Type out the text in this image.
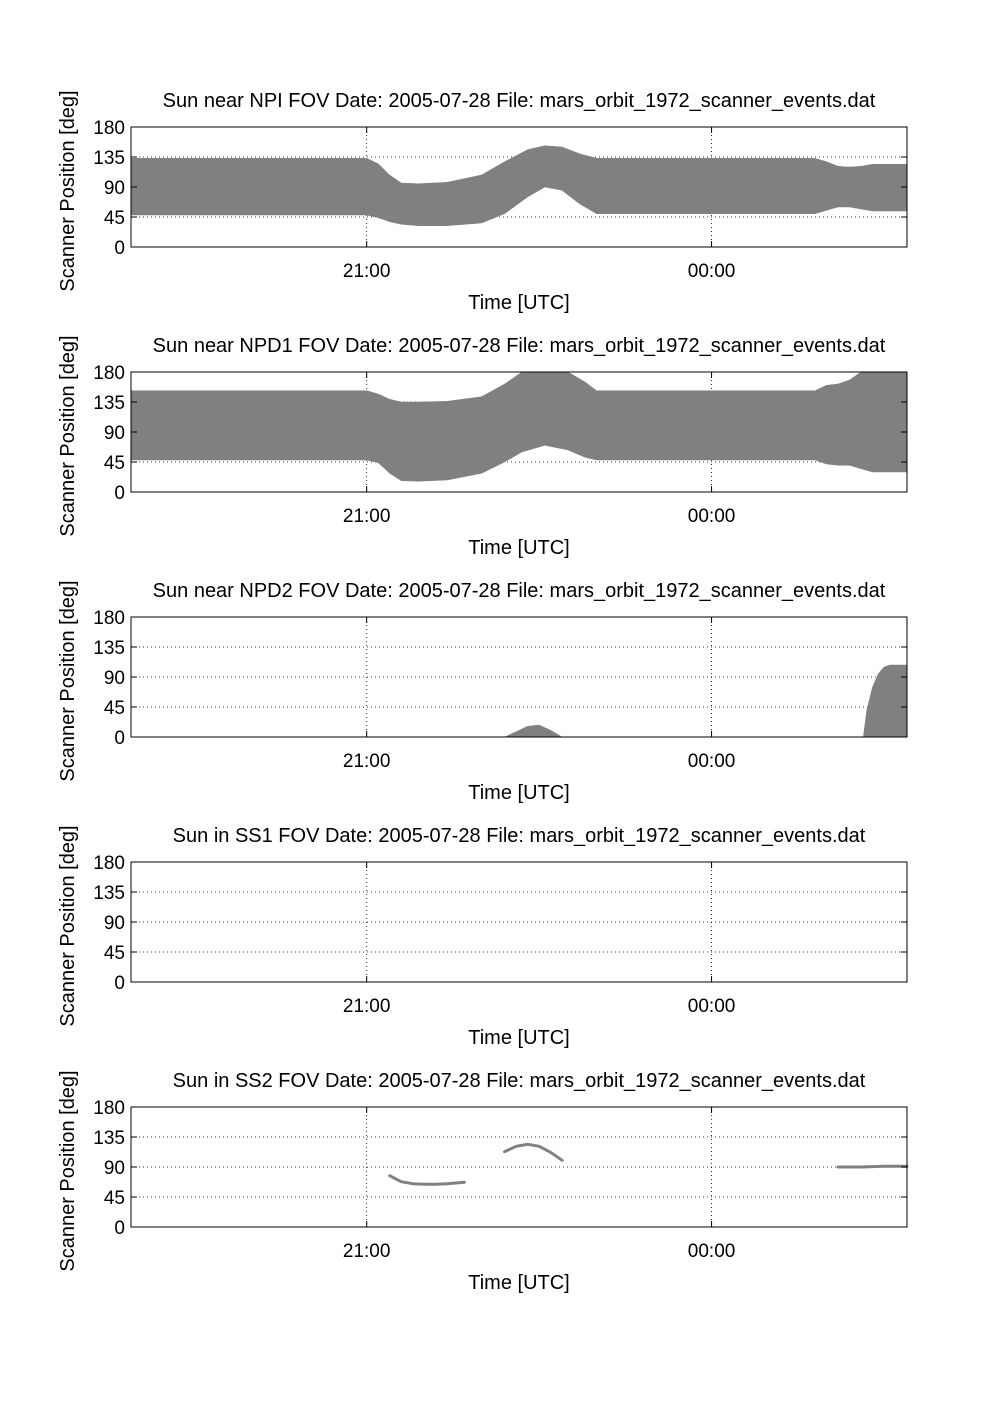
Sun near NPI FOV Date: 2005-07-28 File: mars_orbit_1972_scanner_events.dat
0
45
90
135
180
21:00	00:00
Time [UTC]
Scanner Position [deg]
Sun near NPD1 FOV Date: 2005-07-28 File: mars_orbit_1972_scanner_events.dat
0
45
90
135
180
21:00	00:00
Time [UTC]
Scanner Position [deg]
Sun near NPD2 FOV Date: 2005-07-28 File: mars_orbit_1972_scanner_events.dat
0
45
90
135
180
21:00	00:00
Time [UTC]
Scanner Position [deg]
Sun in SS1 FOV Date: 2005-07-28 File: mars_orbit_1972_scanner_events.dat
0
45
90
135
180
21:00	00:00
Time [UTC]
Scanner Position [deg]
Sun in SS2 FOV Date: 2005-07-28 File: mars_orbit_1972_scanner_events.dat
0
45
90
135
180
21:00	00:00
Time [UTC]
Scanner Position [deg]
